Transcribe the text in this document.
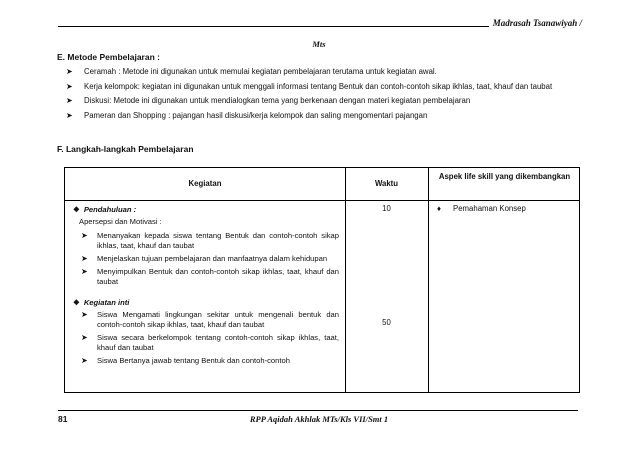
Madrasah Tsanawiyah /
Mts
E. Metode Pembelajaran :
➤ Ceramah : Metode ini digunakan untuk memulai kegiatan pembelajaran terutama untuk kegiatan awal.
➤ Kerja kelompok: kegiatan ini digunakan untuk menggali informasi tentang Bentuk dan contoh-contoh sikap ikhlas, taat, khauf dan taubat
➤ Diskusi: Metode ini digunakan untuk mendialogkan tema yang berkenaan dengan materi kegiatan pembelajaran
➤ Pameran dan Shopping : pajangan hasil diskusi/kerja kelompok dan saling mengomentari pajangan
F. Langkah-langkah Pembelajaran
Kegiatan	Waktu
Aspek life skill yang dikembangkan
❖ Pendahuluan :
Apersepsi dan Motivasi :
➤ Menanyakan kepada siswa tentang Bentuk dan contoh-contoh sikap ikhlas, taat, khauf dan taubat
➤ Menjelaskan tujuan pembelajaran dan manfaatnya dalam kehidupan
➤ Menyimpulkan Bentuk dan contoh-contoh sikap ikhlas, taat, khauf dan taubat
❖ Kegiatan inti
➤ Siswa Mengamati lingkungan sekitar untuk mengenali bentuk dan contoh-contoh sikap ikhlas, taat, khauf dan taubat
➤ Siswa secara berkelompok tentang contoh-contoh sikap ikhlas, taat, khauf dan taubat
➤ Siswa Bertanya jawab tentang Bentuk dan contoh-contoh
10
50
♦ Pemahaman Konsep
81	RPP Aqidah Akhlak MTs/Kls VII/Smt 1
